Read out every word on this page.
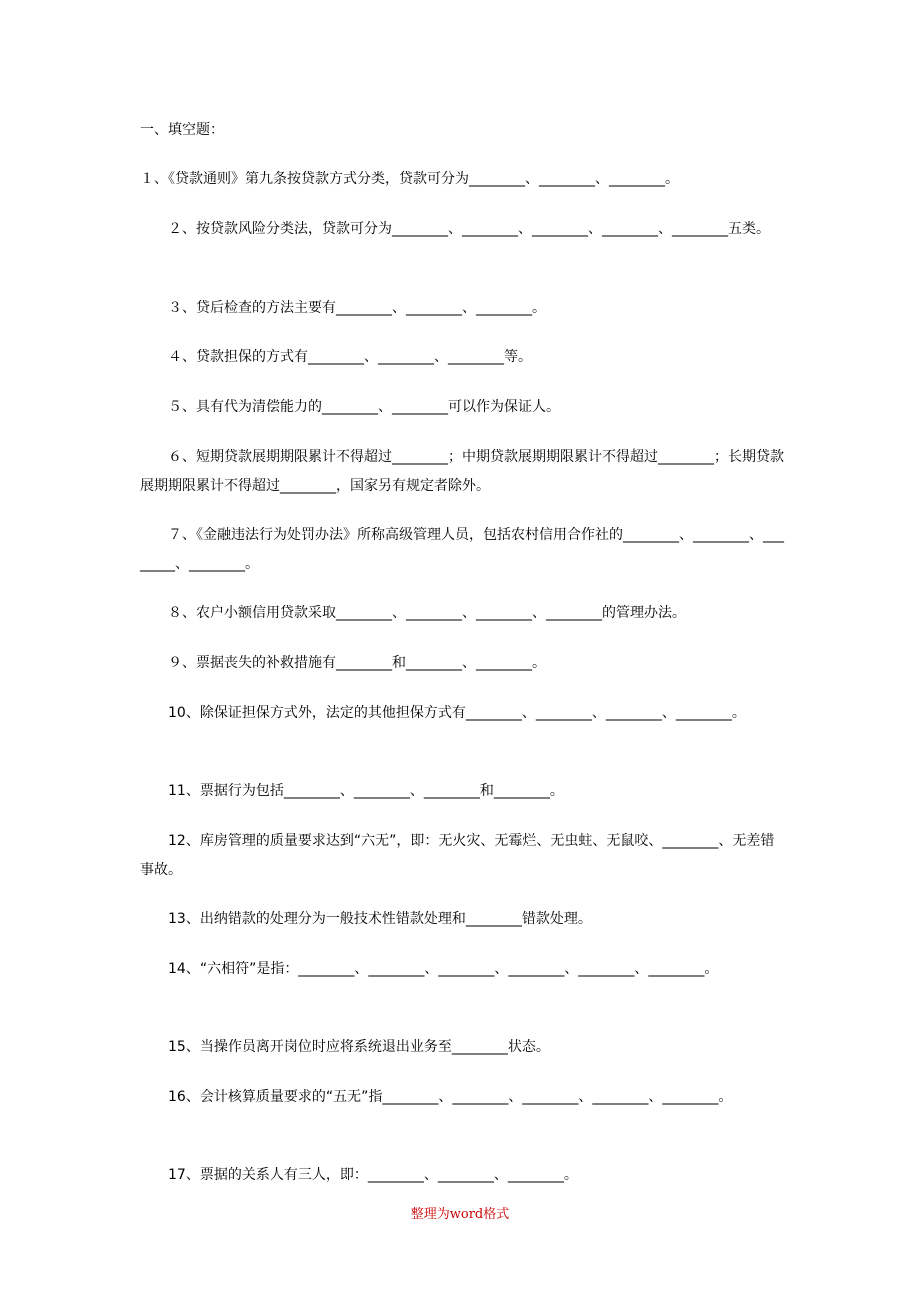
一、填空题：
１、《贷款通则》第九条按贷款方式分类，贷款可分为________、________、________。
　　２、按贷款风险分类法，贷款可分为________、________、________、________、________五类。
　　３、贷后检查的方法主要有________、________、________。
　　４、贷款担保的方式有________、________、________等。
　　５、具有代为清偿能力的________、________可以作为保证人。
　　６、短期贷款展期期限累计不得超过________；中期贷款展期期限累计不得超过________；长期贷款展期期限累计不得超过________，国家另有规定者除外。
　　７、《金融违法行为处罚办法》所称高级管理人员，包括农村信用合作社的________、________、________、________。
　　８、农户小额信用贷款采取________、________、________、________的管理办法。
　　９、票据丧失的补救措施有________和________、________。
　　10、除保证担保方式外，法定的其他担保方式有________、________、________、________。
　　11、票据行为包括________、________、________和________。
　　12、库房管理的质量要求达到“六无”，即：无火灾、无霉烂、无虫蛀、无鼠咬、________、无差错事故。
　　13、出纳错款的处理分为一般技术性错款处理和________错款处理。
　　14、“六相符”是指：________、________、________、________、________、________。
　　15、当操作员离开岗位时应将系统退出业务至________状态。
　　16、会计核算质量要求的“五无”指________、________、________、________、________。
　　17、票据的关系人有三人，即：________、________、________。
整理为word格式
